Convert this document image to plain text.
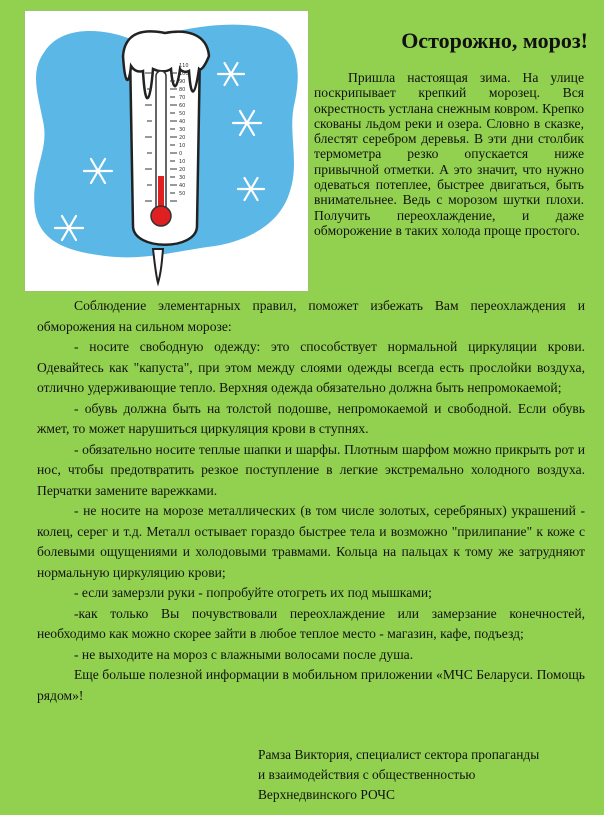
110
100
90
80
70
60
50
40
30
20
10
0
10
20
30
40
50
Осторожно, мороз!

Пришла настоящая зима. На улице поскрипывает крепкий морозец. Вся окрестность устлана снежным ковром. Крепко скованы льдом реки и озера. Словно в сказке, блестят серебром деревья. В эти дни столбик термометра резко опускается ниже привычной отметки. А это значит, что нужно одеваться потеплее, быстрее двигаться, быть внимательнее. Ведь с морозом шутки плохи. Получить переохлаждение, и даже обморожение в таких холода проще простого.

Соблюдение элементарных правил, поможет избежать Вам переохлаждения и обморожения на сильном морозе:

- носите свободную одежду: это способствует нормальной циркуляции крови. Одевайтесь как "капуста", при этом между слоями одежды всегда есть прослойки воздуха, отлично удерживающие тепло. Верхняя одежда обязательно должна быть непромокаемой;

- обувь должна быть на толстой подошве, непромокаемой и свободной. Если обувь жмет, то может нарушиться циркуляция крови в ступнях.

- обязательно носите теплые шапки и шарфы. Плотным шарфом можно прикрыть рот и нос, чтобы предотвратить резкое поступление в легкие экстремально холодного воздуха. Перчатки замените варежками.

- не носите на морозе металлических (в том числе золотых, серебряных) украшений - колец, серег и т.д. Металл остывает гораздо быстрее тела и возможно "прилипание" к коже с болевыми ощущениями и холодовыми травмами. Кольца на пальцах к тому же затрудняют нормальную циркуляцию крови;

- если замерзли руки - попробуйте отогреть их под мышками;

-как только Вы почувствовали переохлаждение или замерзание конечностей, необходимо как можно скорее зайти в любое теплое место - магазин, кафе, подъезд;

- не выходите на мороз с влажными волосами после душа.

Еще больше полезной информации в мобильном приложении «МЧС Беларуси. Помощь рядом»!

Рамза Виктория, специалист сектора пропаганды
и взаимодействия с общественностью
Верхнедвинского РОЧС
